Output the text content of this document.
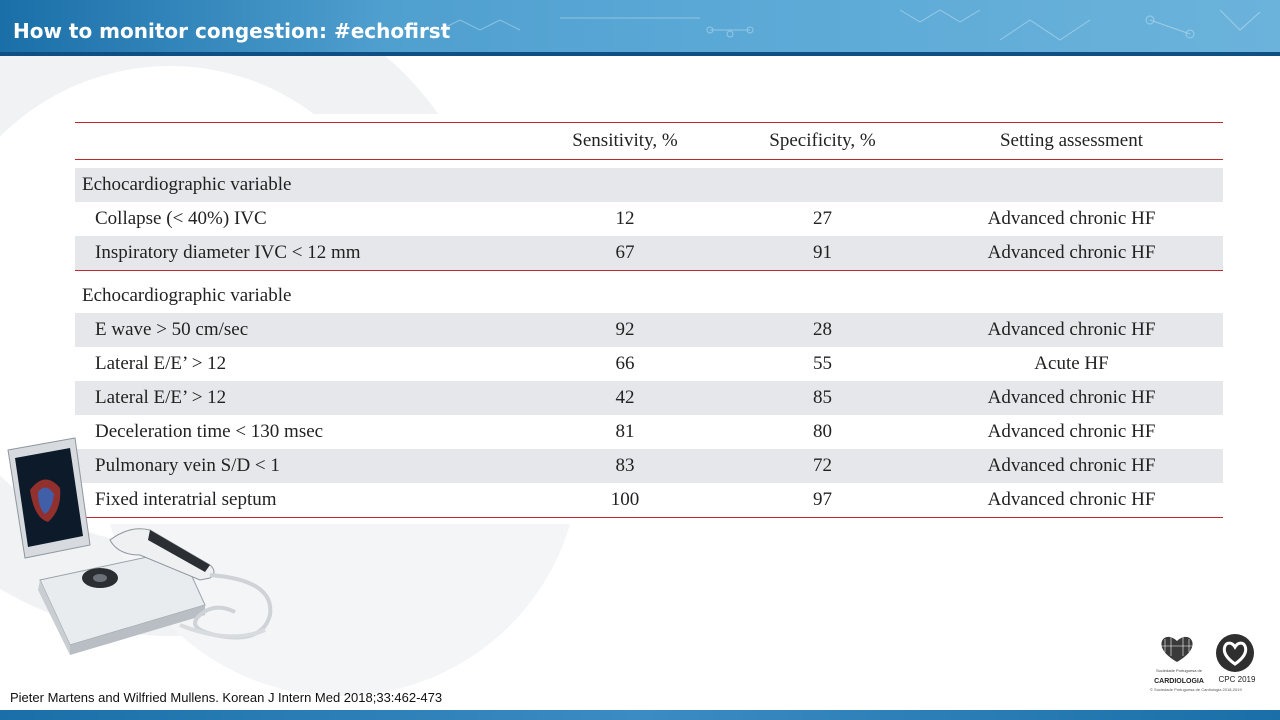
How to monitor congestion: #echofirst
	Sensitivity, %	Specificity, %	Setting assessment

Echocardiographic variable			
Collapse (< 40%) IVC	12	27	Advanced chronic HF
Inspiratory diameter IVC < 12 mm	67	91	Advanced chronic HF

Echocardiographic variable			
E wave > 50 cm/sec	92	28	Advanced chronic HF
Lateral E/E’ > 12	66	55	Acute HF
Lateral E/E’ > 12	42	85	Advanced chronic HF
Deceleration time < 130 msec	81	80	Advanced chronic HF
Pulmonary vein S/D < 1	83	72	Advanced chronic HF
Fixed interatrial septum	100	97	Advanced chronic HF
Pieter Martens and Wilfried Mullens. Korean J Intern Med 2018;33:462-473
Sociedade Portuguesa de
CARDIOLOGIA
© Sociedade Portuguesa de Cardiologia 2018-2019
CPC 2019
